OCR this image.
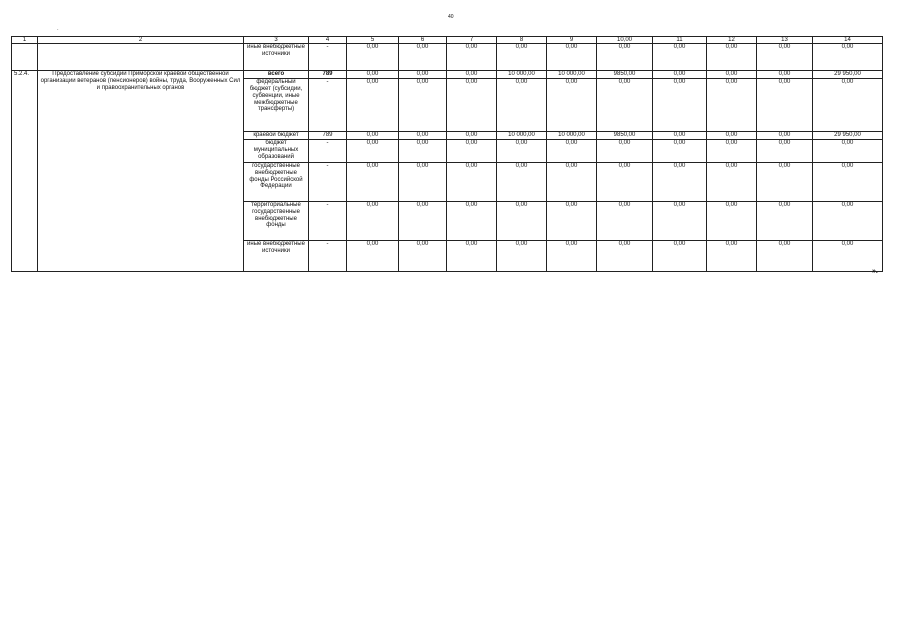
40
·
1	2	3	4	5	6	7	8	9	10,00	11	12	13	14
		иные внебюджетные источники	-	0,00	0,00	0,00	0,00	0,00	0,00	0,00	0,00	0,00	0,00
5.2.4.	Предоставление субсидий Приморской краевой общественной организации ветеранов (пенсионеров) войны, труда, Вооруженных Сил и правоохранительных органов	всего	789	0,00	0,00	0,00	10 000,00	10 000,00	9850,00	0,00	0,00	0,00	29 950,00
		федеральный бюджет (субсидии, субвенции, иные межбюджетные трансферты)	-	0,00	0,00	0,00	0,00	0,00	0,00	0,00	0,00	0,00	0,00
		краевой бюджет	789	0,00	0,00	0,00	10 000,00	10 000,00	9850,00	0,00	0,00	0,00	29 950,00
		бюджет муниципальных образований	-	0,00	0,00	0,00	0,00	0,00	0,00	0,00	0,00	0,00	0,00
		государственные внебюджетные фонды Российской Федерации	-	0,00	0,00	0,00	0,00	0,00	0,00	0,00	0,00	0,00	0,00
		территориальные государственные внебюджетные фонды	-	0,00	0,00	0,00	0,00	0,00	0,00	0,00	0,00	0,00	0,00
		иные внебюджетные источники	-	0,00	0,00	0,00	0,00	0,00	0,00	0,00	0,00	0,00	0,00
».
